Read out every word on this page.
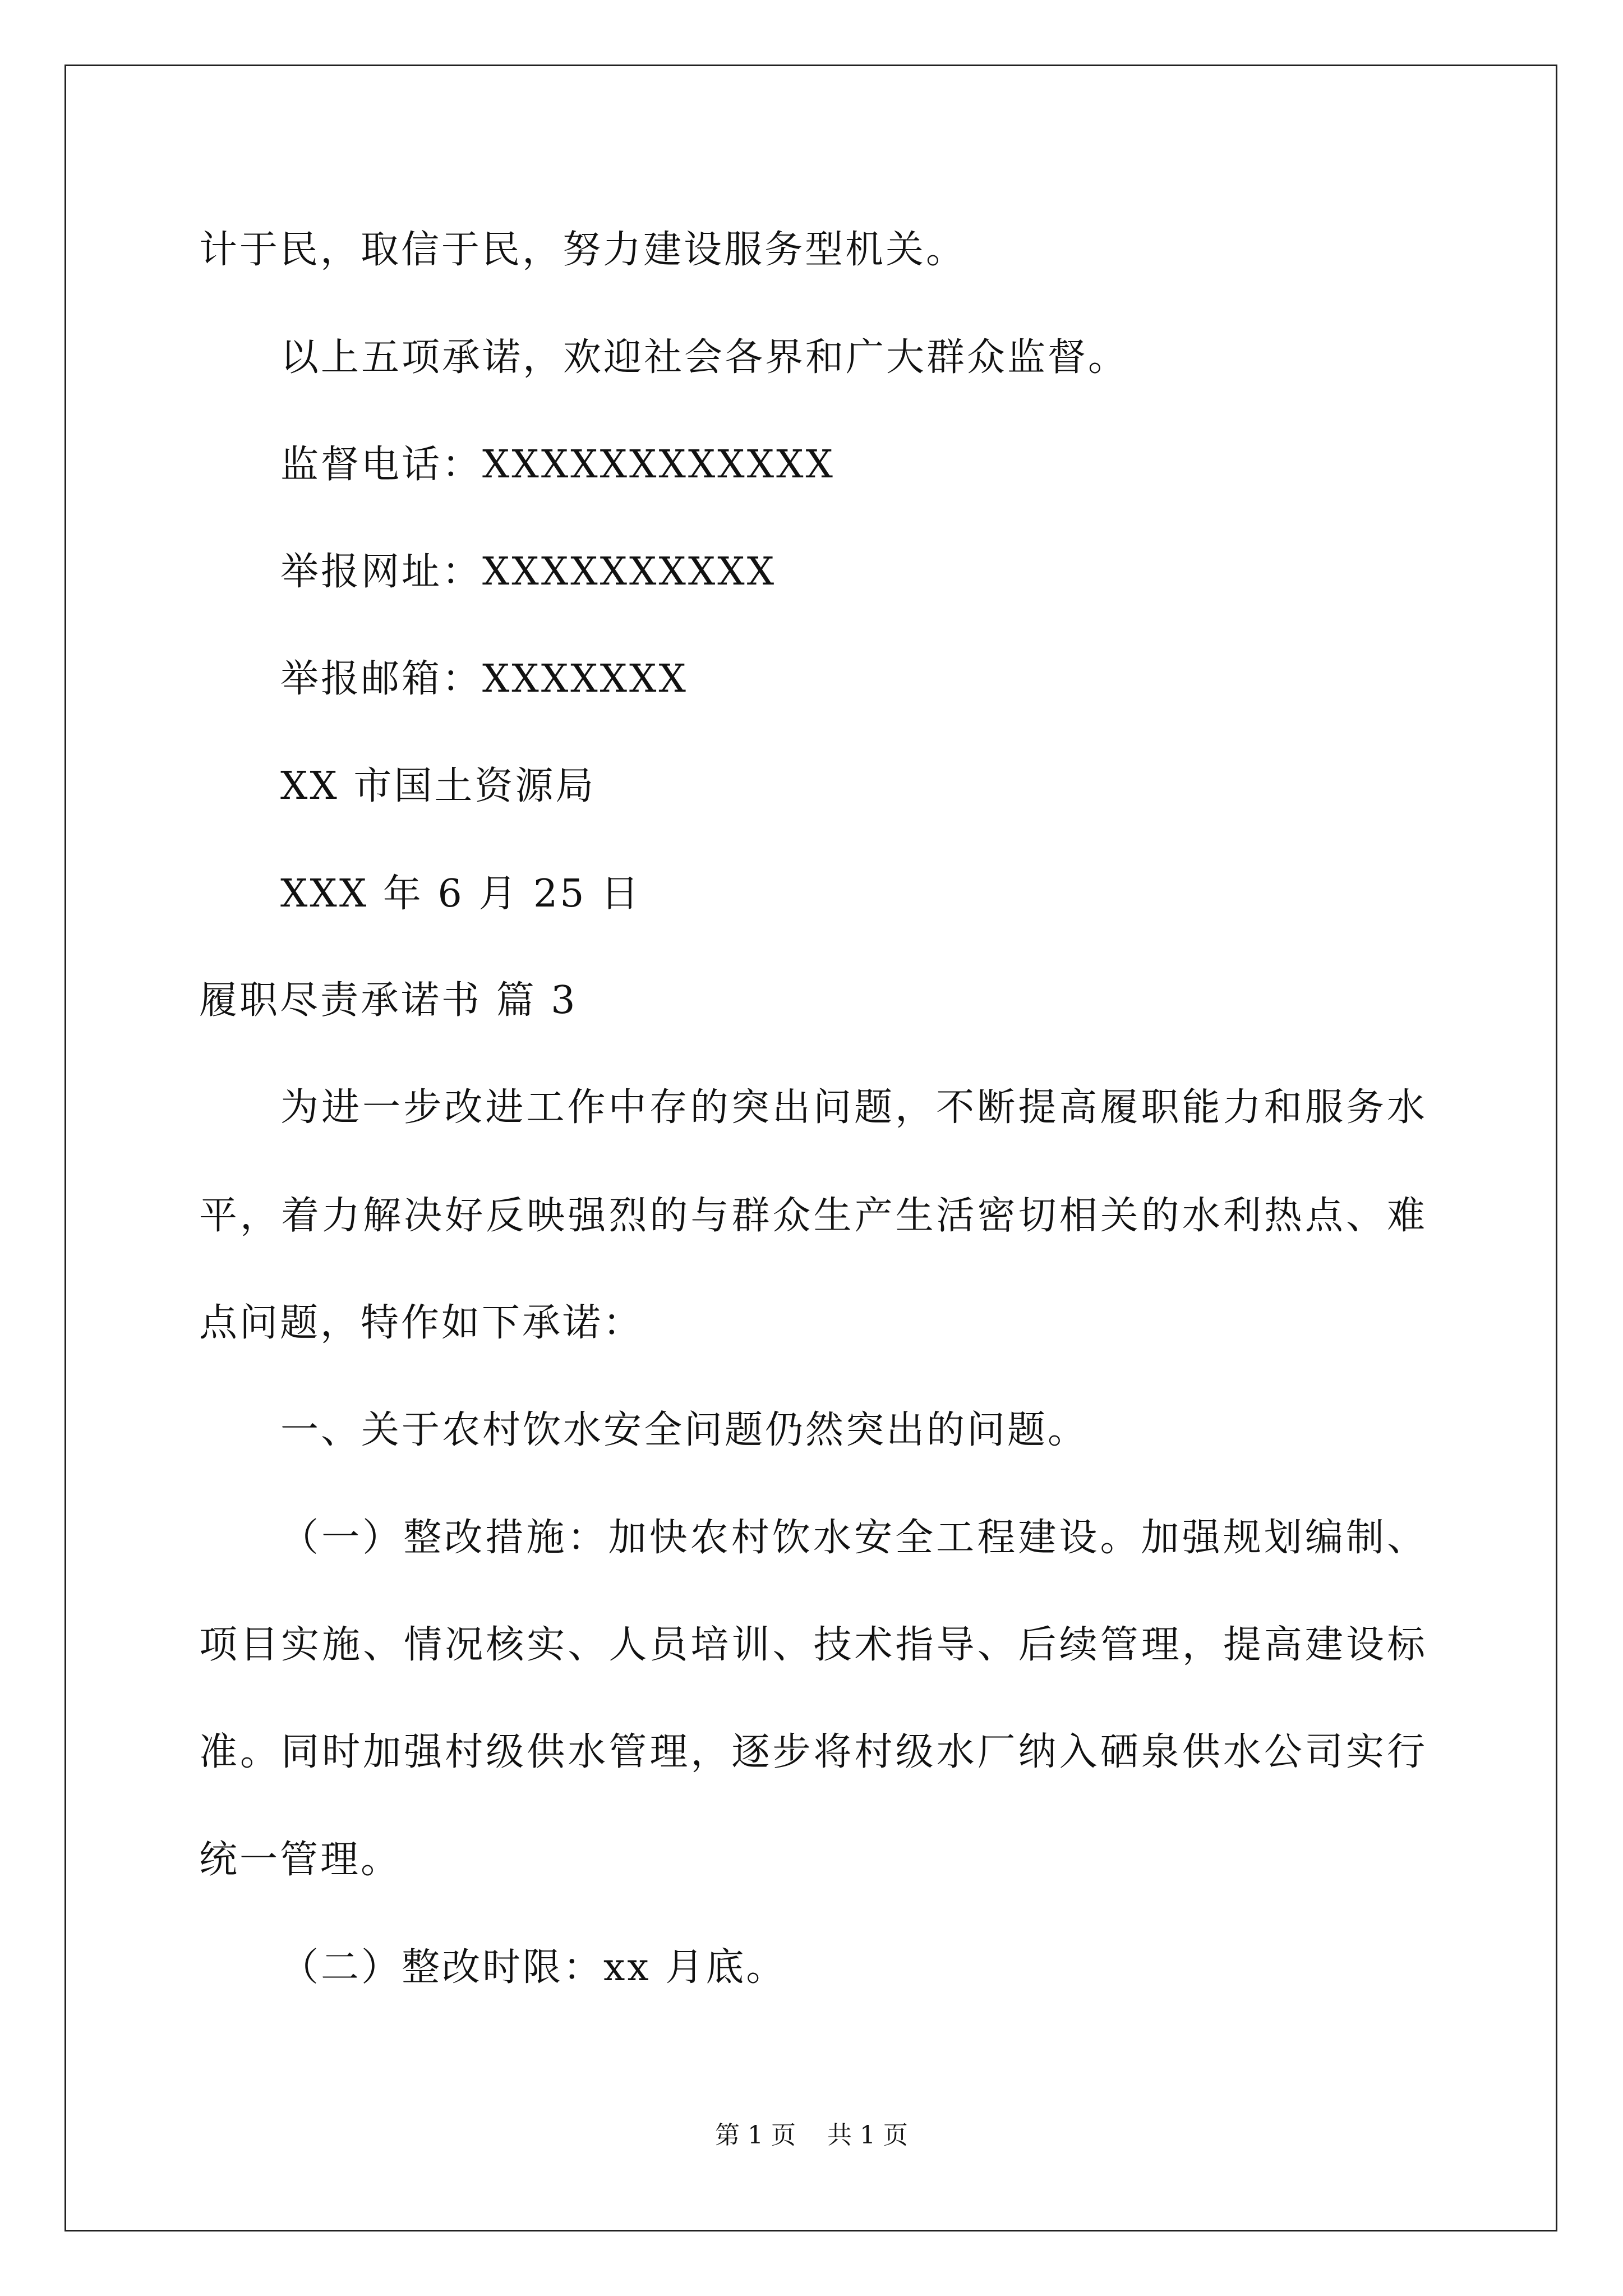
计于民，取信于民，努力建设服务型机关。
以上五项承诺，欢迎社会各界和广大群众监督。
监督电话：XXXXXXXXXXXX
举报网址：XXXXXXXXXX
举报邮箱：XXXXXXX
XX 市国土资源局
XXX 年 6 月 25 日
履职尽责承诺书 篇 3
为进一步改进工作中存的突出问题，不断提高履职能力和服务水
平，着力解决好反映强烈的与群众生产生活密切相关的水利热点、难
点问题，特作如下承诺：
一、关于农村饮水安全问题仍然突出的问题。
（一）整改措施：加快农村饮水安全工程建设。加强规划编制、
项目实施、情况核实、人员培训、技术指导、后续管理，提高建设标
准。同时加强村级供水管理，逐步将村级水厂纳入硒泉供水公司实行
统一管理。
（二）整改时限：xx 月底。
第 1 页    共 1 页
